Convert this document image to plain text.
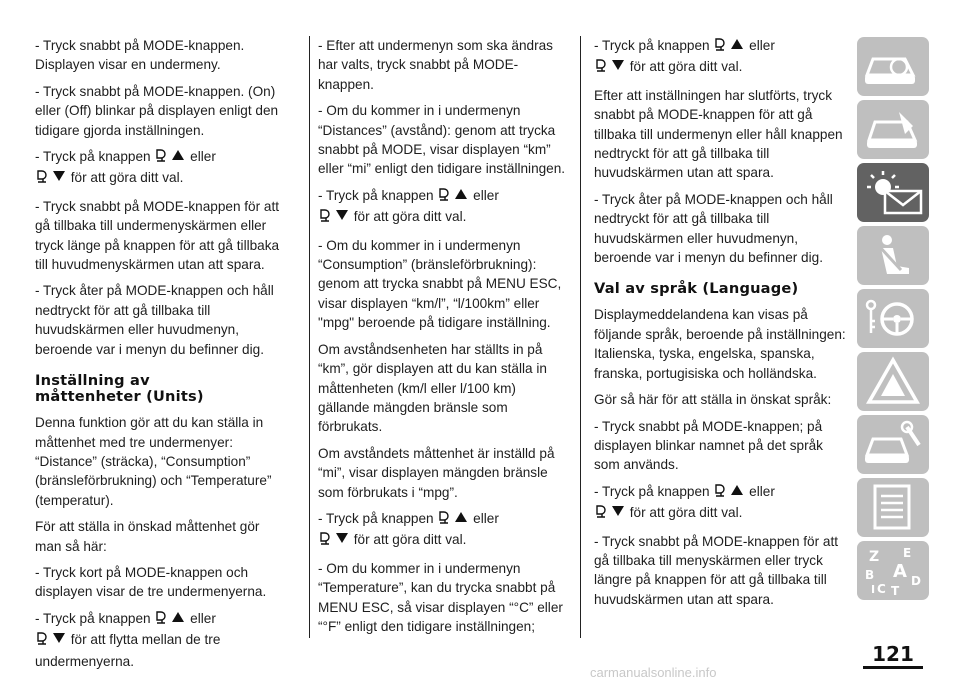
- Tryck snabbt på MODE-knappen. Displayen visar en undermeny.

- Tryck snabbt på MODE-knappen. (On) eller (Off) blinkar på displayen enligt den tidigare gjorda inställningen.

- Tryck på knappen	eller
för att göra ditt val.

- Tryck snabbt på MODE-knappen för att gå tillbaka till undermenyskärmen eller tryck länge på knappen för att gå tillbaka till huvudmenyskärmen utan att spara.

- Tryck åter på MODE-knappen och håll nedtryckt för att gå tillbaka till huvudskärmen eller huvudmenyn, beroende var i menyn du befinner dig.

Inställning av
måttenheter (Units)

Denna funktion gör att du kan ställa in måttenhet med tre undermenyer: “Distance” (sträcka), “Consumption” (bränsleförbrukning) och “Temperature” (temperatur).

För att ställa in önskad måttenhet gör man så här:

- Tryck kort på MODE-knappen och displayen visar de tre undermenyerna.

- Tryck på knappen	eller
för att flytta mellan de tre undermenyerna.

- Efter att undermenyn som ska ändras har valts, tryck snabbt på MODE-knappen.

- Om du kommer in i undermenyn “Distances” (avstånd): genom att trycka snabbt på MODE, visar displayen “km” eller “mi” enligt den tidigare inställningen.

- Tryck på knappen	eller
för att göra ditt val.

- Om du kommer in i undermenyn “Consumption” (bränsleförbrukning): genom att trycka snabbt på MENU ESC, visar displayen “km/l”, “l/100km” eller "mpg" beroende på tidigare inställning.

Om avståndsenheten har ställts in på “km”, gör displayen att du kan ställa in måttenheten (km/l eller l/100 km) gällande mängden bränsle som förbrukats.

Om avståndets måttenhet är inställd på “mi”, visar displayen mängden bränsle som förbrukats i “mpg”.

- Tryck på knappen	eller
för att göra ditt val.

- Om du kommer in i undermenyn “Temperature”, kan du trycka snabbt på MENU ESC, så visar displayen “°C” eller “°F” enligt den tidigare inställningen;

- Tryck på knappen	eller
för att göra ditt val.

Efter att inställningen har slutförts, tryck snabbt på MODE-knappen för att gå tillbaka till undermenyn eller håll knappen nedtryckt för att gå tillbaka till huvudskärmen utan att spara.

- Tryck åter på MODE-knappen och håll nedtryckt för att gå tillbaka till huvudskärmen eller huvudmenyn, beroende var i menyn du befinner dig.

Val av språk (Language)

Displaymeddelandena kan visas på följande språk, beroende på inställningen: Italienska, tyska, engelska, spanska, franska, portugisiska och holländska.

Gör så här för att ställa in önskat språk:

- Tryck snabbt på MODE-knappen; på displayen blinkar namnet på det språk som används.

- Tryck på knappen	eller
för att göra ditt val.

- Tryck snabbt på MODE-knappen för att gå tillbaka till menyskärmen eller tryck längre på knappen för att gå tillbaka till huvudskärmen utan att spara.

Z E
B A
C
D
I T
121
carmanualsonline.info
